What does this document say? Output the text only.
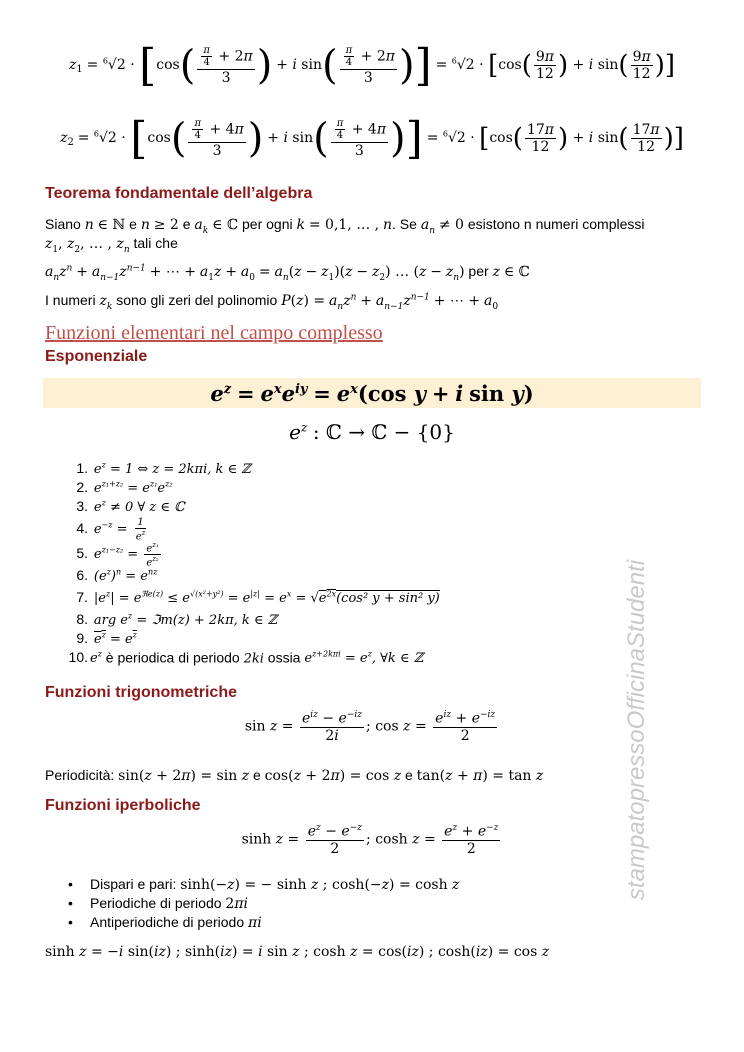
$z_1 = ^6√2 \cdot [\cos( \frac{\frac{\pi}{4} + 2\pi}{3}$ ) + i $\sin( \frac{\frac{\pi}{4} + 2\pi}{3}$ )] = $^6√2 \cdot [\cos( \frac{9\pi}{12}$ ) + i $\sin( \frac{9\pi}{12}$ )]
$z_2 = ^6√2 \cdot [\cos( \frac{\frac{\pi}{4} + 4\pi}{3}$ ) + i $\sin( \frac{\frac{\pi}{4} + 4\pi}{3}$ )] = $^6√2 \cdot [\cos( \frac{17\pi}{12}$ ) + i $\sin( \frac{17\pi}{12}$ )]
Teorema fondamentale dell’algebra
Siano n ∈ ℕ e n ≥ 2 e $a_k$ ∈ ℂ per ogni k = 0,1, … , n. Se $a_n \ne 0$ esistono n numeri complessi
$z_1$, $z_2$, … , $z_n$ tali che
$a_nz^n + a_{n-1}z^{n-1}$ + ⋯ + $a_1z + a_0 = a_n(z - z_1)(z - z_2)$ … $(z - z_n)$ per z ∈ ℂ
I numeri $z_k$ sono gli zeri del polinomio $P(z) = a_nz^n + a_{n-1}z^{n-1}$ + ⋯ + $a_0$
Funzioni elementari nel campo complesso
Esponenziale
$e^z = e^xe^{iy} = e^x(\cos$ y + i sin y)
$e^z$ : ℂ → ℂ − {0}
1. $e^z = 1$ ⇔ z = 2kπi, k ∈ ℤ
2. $e^{z_1+z_2} = e^{z_1}e^{z_2}$
3. $e^z \ne 0$ ∀ z ∈ ℂ
4. $e^{-z} = \frac{1}{e^z}$
5. $e^{z_1-z_2} = \frac{e^{z_1}}{e^{z_2}}$
6. $(e^z)^n = e^{nz}$
7. $|e^z| = e^{ℜe(z)} \le e^{√(x^2+y^2)} = e^{|z|} = e^x = √e^{2x}(\cos^2$ y + sin² y)
8. arg $e^z$ = ℑm(z) + 2kπ, k ∈ ℤ
9. $e^z = e^{\overline{z}}$
10. $e^z$ è periodica di periodo 2ki ossia $e^{z+2k\pi i} = e^z$, ∀k ∈ ℤ
Funzioni trigonometriche
$\sin z = \frac{e^{iz} - e^{-iz}}{2i}$ ; $\cos z = \frac{e^{iz} + e^{-iz}}{2}$
Periodicità: sin(z + 2π) = sin z e cos(z + 2π) = cos z e tan(z + π) = tan z
Funzioni iperboliche
$\sinh z = \frac{e^z - e^{-z}}{2}$ ; $\cosh z = \frac{e^z + e^{-z}}{2}$
• Dispari e pari: sinh(−z) = − sinh z ; cosh(−z) = cosh z
• Periodiche di periodo 2πi
• Antiperiodiche di periodo πi
sinh z = −i sin(iz) ; sinh(iz) = i sin z ; cosh z = cos(iz) ; cosh(iz) = cos z
stampatopressoOfficinaStudenti
